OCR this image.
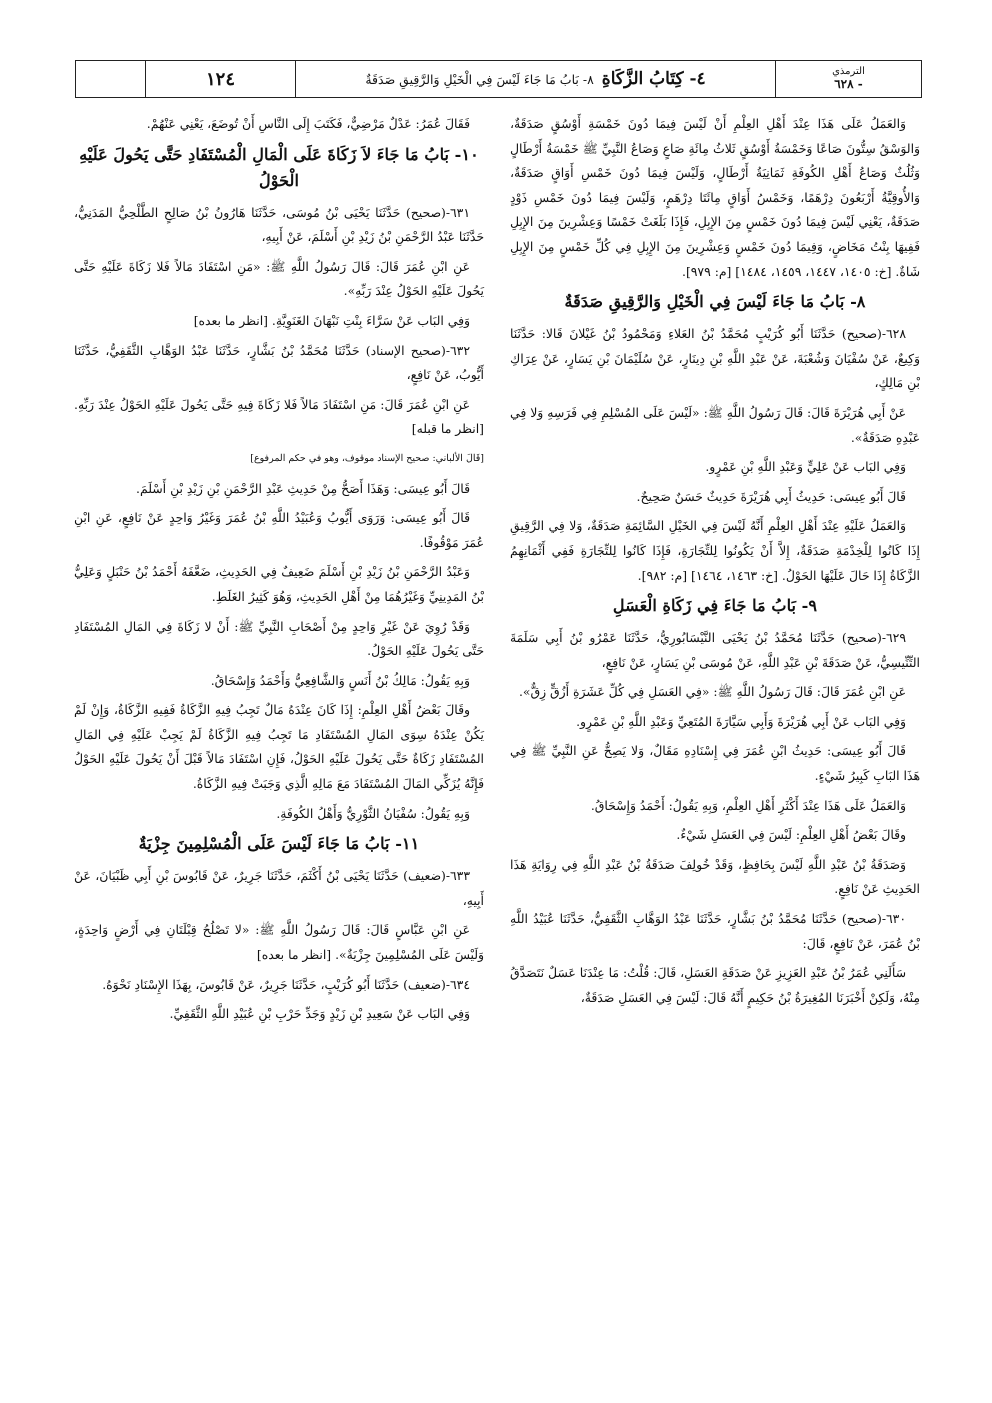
١٢٤	٤- كِتَابُ الزَّكَاةِ
٨- بَابُ مَا جَاءَ لَيْسَ فِي الْخَيْلِ وَالرَّقِيقِ صَدَقَةٌ	الترمذي
٦٢٨ -

وَالعَمَلُ عَلَى هَذَا عِنْدَ أَهْلِ العِلْمِ أَنْ لَيْسَ فِيمَا دُونَ خَمْسَةِ أَوْسُقٍ صَدَقَةٌ، وَالوَسْقُ سِتُّونَ صَاعًا وَخَمْسَةُ أَوْسُقٍ ثَلاثُ مِائَةِ صَاعٍ وَصَاعُ النَّبِيِّ ﷺ خَمْسَةُ أَرْطَالٍ وَثُلُثٌ وَصَاعُ أَهْلِ الكُوفَةِ ثَمَانِيَةُ أَرْطَالٍ، وَلَيْسَ فِيمَا دُونَ خَمْسِ أَوَاقٍ صَدَقَةٌ، وَالأُوقِيَّةُ أَرْبَعُونَ دِرْهَمًا، وَخَمْسُ أَوَاقٍ مِائَتَا دِرْهَمٍ، وَلَيْسَ فِيمَا دُونَ خَمْسِ ذَوْدٍ صَدَقَةٌ، يَعْنِي لَيْسَ فِيمَا دُونَ خَمْسٍ مِنَ الإِبِلِ، فَإِذَا بَلَغَتْ خَمْسًا وَعِشْرِينَ مِنَ الإِبِلِ فَفِيهَا بِنْتُ مَخَاضٍ، وَفِيمَا دُونَ خَمْسٍ وَعِشْرِينَ مِنَ الإِبِلِ فِي كُلِّ خَمْسٍ مِنَ الإِبِلِ شَاةٌ. [خ: ١٤٠٥، ١٤٤٧، ١٤٥٩، ١٤٨٤] [م: ٩٧٩].

٨- بَابُ مَا جَاءَ لَيْسَ فِي الْخَيْلِ وَالرَّقِيقِ صَدَقَةٌ

٦٢٨-(صحيح) حَدَّثَنَا أَبُو كُرَيْبٍ مُحَمَّدُ بْنُ العَلاءِ وَمَحْمُودُ بْنُ غَيْلانَ قَالا: حَدَّثَنَا وَكِيعٌ، عَنْ سُفْيَانَ وَشُعْبَةَ، عَنْ عَبْدِ اللَّهِ بْنِ دِينَارٍ، عَنْ سُلَيْمَانَ بْنِ يَسَارٍ، عَنْ عِرَاكِ بْنِ مَالِكٍ،

عَنْ أَبِي هُرَيْرَةَ قَالَ: قَالَ رَسُولُ اللَّهِ ﷺ: «لَيْسَ عَلَى المُسْلِمِ فِي فَرَسِهِ وَلا فِي عَبْدِهِ صَدَقَةٌ».

وَفِي البَاب عَنْ عَلِيٍّ وَعَبْدِ اللَّهِ بْنِ عَمْرٍو.

قَالَ أَبُو عِيسَى: حَدِيثُ أَبِي هُرَيْرَةَ حَدِيثٌ حَسَنٌ صَحِيحٌ.

وَالعَمَلُ عَلَيْهِ عِنْدَ أَهْلِ العِلْمِ أَنَّهُ لَيْسَ فِي الخَيْلِ السَّائِمَةِ صَدَقَةٌ، وَلا فِي الرَّقِيقِ إِذَا كَانُوا لِلْخِدْمَةِ صَدَقَةٌ، إِلاَّ أَنْ يَكُونُوا لِلتِّجَارَةِ، فَإِذَا كَانُوا لِلتِّجَارَةِ فَفِي أَثْمَانِهِمُ الزَّكَاةُ إِذَا حَالَ عَلَيْهَا الحَوْلُ. [خ: ١٤٦٣، ١٤٦٤] [م: ٩٨٢].

٩- بَابُ مَا جَاءَ فِي زَكَاةِ الْعَسَلِ

٦٢٩-(صحيح) حَدَّثَنَا مُحَمَّدُ بْنُ يَحْيَى النَّيْسَابُورِيُّ، حَدَّثَنَا عَمْرُو بْنُ أَبِي سَلَمَةَ التِّنِّيسِيُّ، عَنْ صَدَقَةَ بْنِ عَبْدِ اللَّهِ، عَنْ مُوسَى بْنِ يَسَارٍ، عَنْ نَافِعٍ،

عَنِ ابْنِ عُمَرَ قَالَ: قَالَ رَسُولُ اللَّهِ ﷺ: «فِي العَسَلِ فِي كُلِّ عَشَرَةِ أَزُقٍّ زِقٌّ».

وَفِي البَاب عَنْ أَبِي هُرَيْرَةَ وَأَبِي سَيَّارَةَ المُتَعِيِّ وَعَبْدِ اللَّهِ بْنِ عَمْرٍو.

قَالَ أَبُو عِيسَى: حَدِيثُ ابْنِ عُمَرَ فِي إِسْنَادِهِ مَقَالٌ، وَلا يَصِحُّ عَنِ النَّبِيِّ ﷺ فِي هَذَا البَابِ كَبِيرُ شَيْءٍ.

وَالعَمَلُ عَلَى هَذَا عِنْدَ أَكْثَرِ أَهْلِ العِلْمِ، وَبِهِ يَقُولُ: أَحْمَدُ وَإِسْحَاقُ.

وقَالَ بَعْضُ أَهْلِ العِلْمِ: لَيْسَ فِي العَسَلِ شَيْءٌ.

وَصَدَقَةُ بْنُ عَبْدِ اللَّهِ لَيْسَ بِحَافِظٍ، وَقَدْ خُولِفَ صَدَقَةُ بْنُ عَبْدِ اللَّهِ فِي رِوَايَةِ هَذَا الحَدِيثِ عَنْ نَافِعٍ.

٦٣٠-(صحيح) حَدَّثَنَا مُحَمَّدُ بْنُ بَشَّارٍ، حَدَّثَنَا عَبْدُ الوَهَّابِ الثَّقَفِيُّ، حَدَّثَنَا عُبَيْدُ اللَّهِ بْنُ عُمَرَ، عَنْ نَافِعٍ، قَالَ:

سَأَلَنِي عُمَرُ بْنُ عَبْدِ العَزِيزِ عَنْ صَدَقَةِ العَسَلِ، قَالَ: قُلْتُ: مَا عِنْدَنَا عَسَلٌ نَتَصَدَّقُ مِنْهُ، وَلَكِنْ أَخْبَرَنَا المُغِيرَةُ بْنُ حَكِيمٍ أَنَّهُ قَالَ: لَيْسَ فِي العَسَلِ صَدَقَةٌ،

فَقَالَ عُمَرُ: عَدْلٌ مَرْضِيٌّ، فَكَتَبَ إِلَى النَّاسِ أَنْ تُوضَعَ، يَعْنِي عَنْهُمْ.

١٠- بَابُ مَا جَاءَ لاَ زَكَاةَ عَلَى الْمَالِ الْمُسْتَفَادِ حَتَّى يَحُولَ عَلَيْهِ الْحَوْلُ

٦٣١-(صحيح) حَدَّثَنَا يَحْيَى بْنُ مُوسَى، حَدَّثَنَا هَارُونُ بْنُ صَالِحٍ الطَّلْحِيُّ المَدَنِيُّ، حَدَّثَنَا عَبْدُ الرَّحْمَنِ بْنُ زَيْدِ بْنِ أَسْلَمَ، عَنْ أَبِيهِ،

عَنِ ابْنِ عُمَرَ قَالَ: قَالَ رَسُولُ اللَّهِ ﷺ: «مَنِ اسْتَفَادَ مَالاً فَلا زَكَاةَ عَلَيْهِ حَتَّى يَحُولَ عَلَيْهِ الحَوْلُ عِنْدَ رَبِّهِ».

وَفِي البَاب عَنْ سَرَّاءَ بِنْتِ نَبْهَانَ الغَنَوِيَّةِ. [انظر ما بعده]

٦٣٢-(صحيح الإسناد) حَدَّثَنَا مُحَمَّدُ بْنُ بَشَّارٍ، حَدَّثَنَا عَبْدُ الوَهَّابِ الثَّقَفِيُّ، حَدَّثَنَا أَيُّوبُ، عَنْ نَافِعٍ،

عَنِ ابْنِ عُمَرَ قَالَ: مَنِ اسْتَفَادَ مَالاً فَلا زَكَاةَ فِيهِ حَتَّى يَحُولَ عَلَيْهِ الحَوْلُ عِنْدَ رَبِّهِ. [انظر ما قبله]

[قَالَ الألباني: صحيح الإسناد موقوف، وهو في حكم المرفوع]

قَالَ أَبُو عِيسَى: وَهَذَا أَصَحُّ مِنْ حَدِيثِ عَبْدِ الرَّحْمَنِ بْنِ زَيْدِ بْنِ أَسْلَمَ.

قَالَ أَبُو عِيسَى: وَرَوَى أَيُّوبُ وَعُبَيْدُ اللَّهِ بْنُ عُمَرَ وَغَيْرُ وَاحِدٍ عَنْ نَافِعٍ، عَنِ ابْنِ عُمَرَ مَوْقُوفًا.

وَعَبْدُ الرَّحْمَنِ بْنُ زَيْدِ بْنِ أَسْلَمَ ضَعِيفٌ فِي الحَدِيثِ، ضَعَّفَهُ أَحْمَدُ بْنُ حَنْبَلٍ وَعَلِيُّ بْنُ المَدِينِيِّ وَغَيْرُهُمَا مِنْ أَهْلِ الحَدِيثِ، وَهُوَ كَثِيرُ الغَلَطِ.

وَقَدْ رُوِيَ عَنْ غَيْرِ وَاحِدٍ مِنْ أَصْحَابِ النَّبِيِّ ﷺ: أَنْ لا زَكَاةَ فِي المَالِ المُسْتَفَادِ حَتَّى يَحُولَ عَلَيْهِ الحَوْلُ.

وَبِهِ يَقُولُ: مَالِكُ بْنُ أَنَسٍ وَالشَّافِعِيُّ وَأَحْمَدُ وَإِسْحَاقُ.

وقَالَ بَعْضُ أَهْلِ العِلْمِ: إِذَا كَانَ عِنْدَهُ مَالٌ تَجِبُ فِيهِ الزَّكَاةُ فَفِيهِ الزَّكَاةُ، وَإِنْ لَمْ يَكُنْ عِنْدَهُ سِوَى المَالِ المُسْتَفَادِ مَا تَجِبُ فِيهِ الزَّكَاةُ لَمْ يَجِبْ عَلَيْهِ فِي المَالِ المُسْتَفَادِ زَكَاةٌ حَتَّى يَحُولَ عَلَيْهِ الحَوْلُ، فَإِنِ اسْتَفَادَ مَالاً قَبْلَ أَنْ يَحُولَ عَلَيْهِ الحَوْلُ فَإِنَّهُ يُزَكِّي المَالَ المُسْتَفَادَ مَعَ مَالِهِ الَّذِي وَجَبَتْ فِيهِ الزَّكَاةُ.

وَبِهِ يَقُولُ: سُفْيَانُ الثَّوْرِيُّ وَأَهْلُ الكُوفَةِ.

١١- بَابُ مَا جَاءَ لَيْسَ عَلَى الْمُسْلِمِينَ جِزْيَةٌ

٦٣٣-(ضعيف) حَدَّثَنَا يَحْيَى بْنُ أَكْثَمَ، حَدَّثَنَا جَرِيرٌ، عَنْ قَابُوسَ بْنِ أَبِي ظَبْيَانَ، عَنْ أَبِيهِ،

عَنِ ابْنِ عَبَّاسٍ قَالَ: قَالَ رَسُولُ اللَّهِ ﷺ: «لا تَصْلُحُ قِبْلَتَانِ فِي أَرْضٍ وَاحِدَةٍ، وَلَيْسَ عَلَى المُسْلِمِينَ جِزْيَةٌ». [انظر ما بعده]

٦٣٤-(ضعيف) حَدَّثَنَا أَبُو كُرَيْبٍ، حَدَّثَنَا جَرِيرٌ، عَنْ قَابُوسَ، بِهَذَا الإِسْنَادِ نَحْوَهُ.

وَفِي البَاب عَنْ سَعِيدِ بْنِ زَيْدٍ وَجَدِّ حَرْبِ بْنِ عُبَيْدِ اللَّهِ الثَّقَفِيِّ.
